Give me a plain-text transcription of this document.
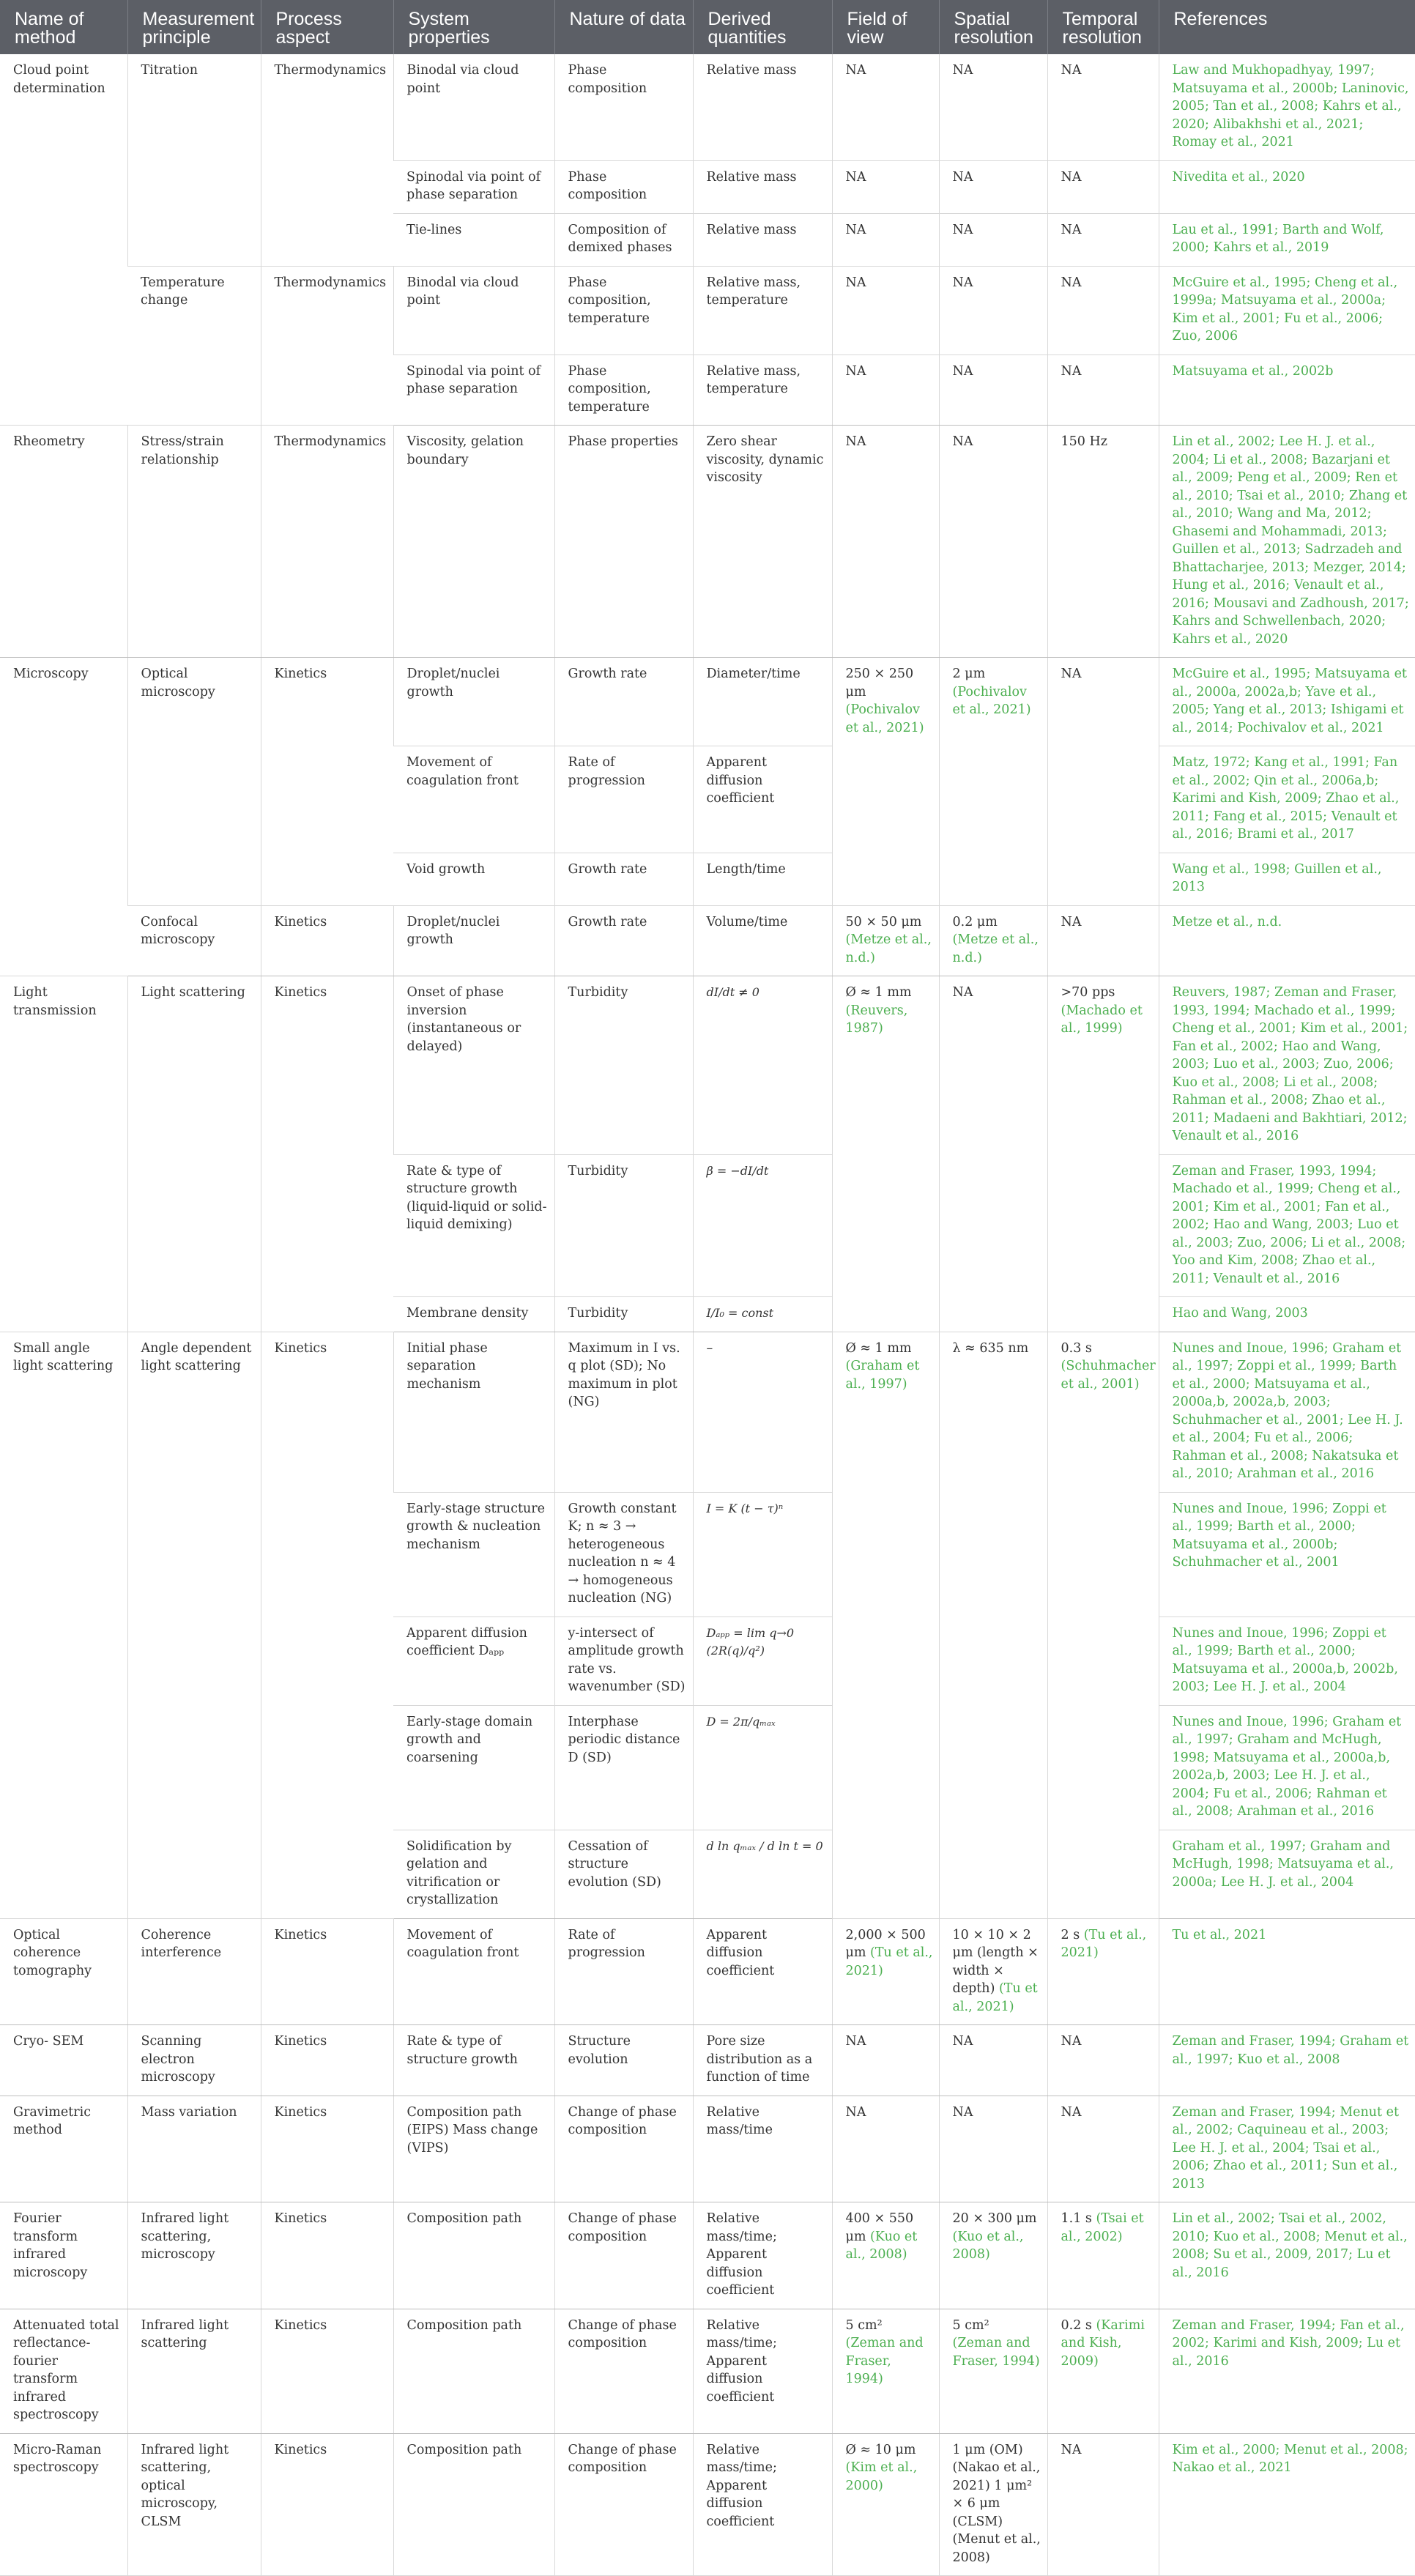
Name of method	Measurement principle	Process aspect	System properties	Nature of data	Derived quantities	Field of view	Spatial resolution	Temporal resolution	References
Cloud point determination	Titration	Thermodynamics	Binodal via cloud point	Phase composition	Relative mass	NA	NA	NA	Law and Mukhopadhyay, 1997; Matsuyama et al., 2000b; Laninovic, 2005; Tan et al., 2008; Kahrs et al., 2020; Alibakhshi et al., 2021; Romay et al., 2021
			Spinodal via point of phase separation	Phase composition	Relative mass	NA	NA	NA	Nivedita et al., 2020
			Tie-lines	Composition of demixed phases	Relative mass	NA	NA	NA	Lau et al., 1991; Barth and Wolf, 2000; Kahrs et al., 2019
	Temperature change	Thermodynamics	Binodal via cloud point	Phase composition, temperature	Relative mass, temperature	NA	NA	NA	McGuire et al., 1995; Cheng et al., 1999a; Matsuyama et al., 2000a; Kim et al., 2001; Fu et al., 2006; Zuo, 2006
			Spinodal via point of phase separation	Phase composition, temperature	Relative mass, temperature	NA	NA	NA	Matsuyama et al., 2002b
Rheometry	Stress/strain relationship	Thermodynamics	Viscosity, gelation boundary	Phase properties	Zero shear viscosity, dynamic viscosity	NA	NA	150 Hz	Lin et al., 2002; Lee H. J. et al., 2004; Li et al., 2008; Bazarjani et al., 2009; Peng et al., 2009; Ren et al., 2010; Tsai et al., 2010; Zhang et al., 2010; Wang and Ma, 2012; Ghasemi and Mohammadi, 2013; Guillen et al., 2013; Sadrzadeh and Bhattacharjee, 2013; Mezger, 2014; Hung et al., 2016; Venault et al., 2016; Mousavi and Zadhoush, 2017; Kahrs and Schwellenbach, 2020; Kahrs et al., 2020
Microscopy	Optical microscopy	Kinetics	Droplet/nuclei growth	Growth rate	Diameter/time	250 × 250 μm (Pochivalov et al., 2021)	2 μm (Pochivalov et al., 2021)	NA	McGuire et al., 1995; Matsuyama et al., 2000a, 2002a,b; Yave et al., 2005; Yang et al., 2013; Ishigami et al., 2014; Pochivalov et al., 2021
			Movement of coagulation front	Rate of progression	Apparent diffusion coefficient				Matz, 1972; Kang et al., 1991; Fan et al., 2002; Qin et al., 2006a,b; Karimi and Kish, 2009; Zhao et al., 2011; Fang et al., 2015; Venault et al., 2016; Brami et al., 2017
			Void growth	Growth rate	Length/time				Wang et al., 1998; Guillen et al., 2013
	Confocal microscopy	Kinetics	Droplet/nuclei growth	Growth rate	Volume/time	50 × 50 μm (Metze et al., n.d.)	0.2 μm (Metze et al., n.d.)	NA	Metze et al., n.d.
Light transmission	Light scattering	Kinetics	Onset of phase inversion (instantaneous or delayed)	Turbidity	dI/dt ≠ 0	Ø ≈ 1 mm (Reuvers, 1987)	NA	>70 pps (Machado et al., 1999)	Reuvers, 1987; Zeman and Fraser, 1993, 1994; Machado et al., 1999; Cheng et al., 2001; Kim et al., 2001; Fan et al., 2002; Hao and Wang, 2003; Luo et al., 2003; Zuo, 2006; Kuo et al., 2008; Li et al., 2008; Rahman et al., 2008; Zhao et al., 2011; Madaeni and Bakhtiari, 2012; Venault et al., 2016
			Rate & type of structure growth (liquid-liquid or solid-liquid demixing)	Turbidity	β = −dI/dt				Zeman and Fraser, 1993, 1994; Machado et al., 1999; Cheng et al., 2001; Kim et al., 2001; Fan et al., 2002; Hao and Wang, 2003; Luo et al., 2003; Zuo, 2006; Li et al., 2008; Yoo and Kim, 2008; Zhao et al., 2011; Venault et al., 2016
			Membrane density	Turbidity	I/I₀ = const				Hao and Wang, 2003
Small angle light scattering	Angle dependent light scattering	Kinetics	Initial phase separation mechanism	Maximum in I vs. q plot (SD); No maximum in plot (NG)	–	Ø ≈ 1 mm (Graham et al., 1997)	λ ≈ 635 nm	0.3 s (Schuhmacher et al., 2001)	Nunes and Inoue, 1996; Graham et al., 1997; Zoppi et al., 1999; Barth et al., 2000; Matsuyama et al., 2000a,b, 2002a,b, 2003; Schuhmacher et al., 2001; Lee H. J. et al., 2004; Fu et al., 2006; Rahman et al., 2008; Nakatsuka et al., 2010; Arahman et al., 2016
			Early-stage structure growth & nucleation mechanism	Growth constant K; n ≈ 3 → heterogeneous nucleation n ≈ 4 → homogeneous nucleation (NG)	I = K (t − τ)ⁿ				Nunes and Inoue, 1996; Zoppi et al., 1999; Barth et al., 2000; Matsuyama et al., 2000b; Schuhmacher et al., 2001
			Apparent diffusion coefficient Dₐₚₚ	y-intersect of amplitude growth rate vs. wavenumber (SD)	Dₐₚₚ = lim q→0 (2R(q)/q²)				Nunes and Inoue, 1996; Zoppi et al., 1999; Barth et al., 2000; Matsuyama et al., 2000a,b, 2002b, 2003; Lee H. J. et al., 2004
			Early-stage domain growth and coarsening	Interphase periodic distance D (SD)	D = 2π/qₘₐₓ				Nunes and Inoue, 1996; Graham et al., 1997; Graham and McHugh, 1998; Matsuyama et al., 2000a,b, 2002a,b, 2003; Lee H. J. et al., 2004; Fu et al., 2006; Rahman et al., 2008; Arahman et al., 2016
			Solidification by gelation and vitrification or crystallization	Cessation of structure evolution (SD)	d ln qₘₐₓ / d ln t = 0				Graham et al., 1997; Graham and McHugh, 1998; Matsuyama et al., 2000a; Lee H. J. et al., 2004
Optical coherence tomography	Coherence interference	Kinetics	Movement of coagulation front	Rate of progression	Apparent diffusion coefficient	2,000 × 500 μm (Tu et al., 2021)	10 × 10 × 2 μm (length × width × depth) (Tu et al., 2021)	2 s (Tu et al., 2021)	Tu et al., 2021
Cryo- SEM	Scanning electron microscopy	Kinetics	Rate & type of structure growth	Structure evolution	Pore size distribution as a function of time	NA	NA	NA	Zeman and Fraser, 1994; Graham et al., 1997; Kuo et al., 2008
Gravimetric method	Mass variation	Kinetics	Composition path (EIPS) Mass change (VIPS)	Change of phase composition	Relative mass/time	NA	NA	NA	Zeman and Fraser, 1994; Menut et al., 2002; Caquineau et al., 2003; Lee H. J. et al., 2004; Tsai et al., 2006; Zhao et al., 2011; Sun et al., 2013
Fourier transform infrared microscopy	Infrared light scattering, microscopy	Kinetics	Composition path	Change of phase composition	Relative mass/time; Apparent diffusion coefficient	400 × 550 μm (Kuo et al., 2008)	20 × 300 μm (Kuo et al., 2008)	1.1 s (Tsai et al., 2002)	Lin et al., 2002; Tsai et al., 2002, 2010; Kuo et al., 2008; Menut et al., 2008; Su et al., 2009, 2017; Lu et al., 2016
Attenuated total reflectance-fourier transform infrared spectroscopy	Infrared light scattering	Kinetics	Composition path	Change of phase composition	Relative mass/time; Apparent diffusion coefficient	5 cm² (Zeman and Fraser, 1994)	5 cm² (Zeman and Fraser, 1994)	0.2 s (Karimi and Kish, 2009)	Zeman and Fraser, 1994; Fan et al., 2002; Karimi and Kish, 2009; Lu et al., 2016
Micro-Raman spectroscopy	Infrared light scattering, optical microscopy, CLSM	Kinetics	Composition path	Change of phase composition	Relative mass/time; Apparent diffusion coefficient	Ø ≈ 10 μm (Kim et al., 2000)	1 μm (OM) (Nakao et al., 2021) 1 μm² × 6 μm (CLSM) (Menut et al., 2008)	NA	Kim et al., 2000; Menut et al., 2008; Nakao et al., 2021
